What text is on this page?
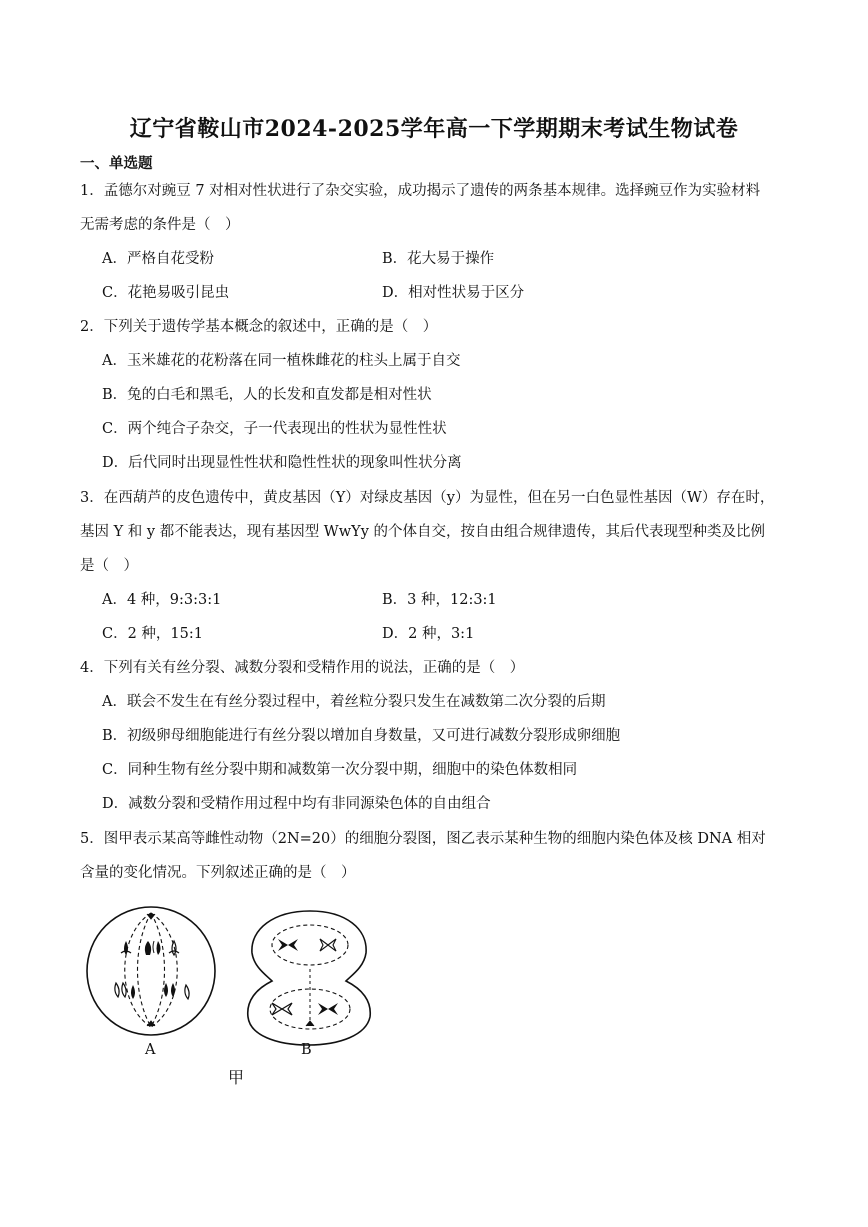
辽宁省鞍山市2024-2025学年高一下学期期末考试生物试卷
一、单选题
1．孟德尔对豌豆 7 对相对性状进行了杂交实验，成功揭示了遗传的两条基本规律。选择豌豆作为实验材料
无需考虑的条件是（　）
A．严格自花受粉	B．花大易于操作
C．花艳易吸引昆虫	D．相对性状易于区分
2．下列关于遗传学基本概念的叙述中，正确的是（　）
A．玉米雄花的花粉落在同一植株雌花的柱头上属于自交
B．兔的白毛和黑毛，人的长发和直发都是相对性状
C．两个纯合子杂交，子一代表现出的性状为显性性状
D．后代同时出现显性性状和隐性性状的现象叫性状分离
3．在西葫芦的皮色遗传中，黄皮基因（Y）对绿皮基因（y）为显性，但在另一白色显性基因（W）存在时，
基因 Y 和 y 都不能表达，现有基因型 WwYy 的个体自交，按自由组合规律遗传，其后代表现型种类及比例
是（　）
A．4 种，9:3:3:1	B．3 种，12:3:1
C．2 种，15:1	D．2 种，3:1
4．下列有关有丝分裂、减数分裂和受精作用的说法，正确的是（　）
A．联会不发生在有丝分裂过程中，着丝粒分裂只发生在减数第二次分裂的后期
B．初级卵母细胞能进行有丝分裂以增加自身数量，又可进行减数分裂形成卵细胞
C．同种生物有丝分裂中期和减数第一次分裂中期，细胞中的染色体数相同
D．减数分裂和受精作用过程中均有非同源染色体的自由组合
5．图甲表示某高等雌性动物（2N=20）的细胞分裂图，图乙表示某种生物的细胞内染色体及核 DNA 相对
含量的变化情况。下列叙述正确的是（　）
A	B
甲
